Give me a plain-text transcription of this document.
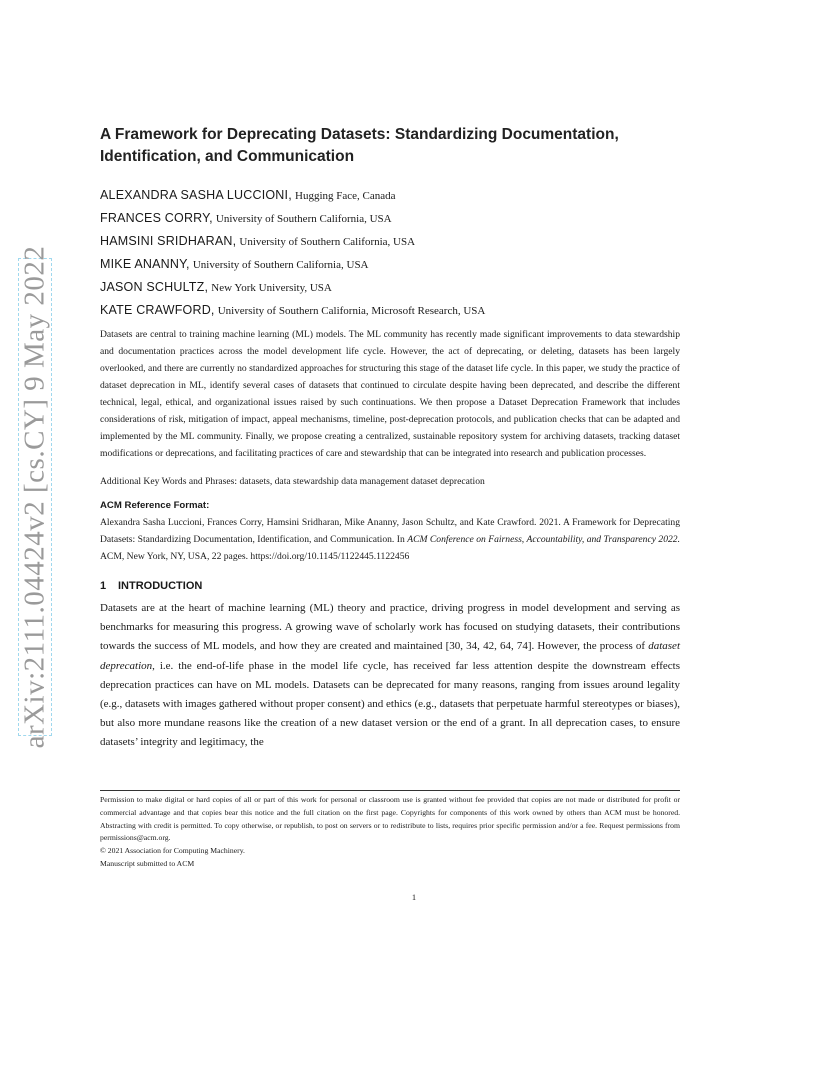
arXiv:2111.04424v2 [cs.CY] 9 May 2022
A Framework for Deprecating Datasets: Standardizing Documentation, Identification, and Communication
ALEXANDRA SASHA LUCCIONI, Hugging Face, Canada
FRANCES CORRY, University of Southern California, USA
HAMSINI SRIDHARAN, University of Southern California, USA
MIKE ANANNY, University of Southern California, USA
JASON SCHULTZ, New York University, USA
KATE CRAWFORD, University of Southern California, Microsoft Research, USA

Datasets are central to training machine learning (ML) models. The ML community has recently made significant improvements to data stewardship and documentation practices across the model development life cycle. However, the act of deprecating, or deleting, datasets has been largely overlooked, and there are currently no standardized approaches for structuring this stage of the dataset life cycle. In this paper, we study the practice of dataset deprecation in ML, identify several cases of datasets that continued to circulate despite having been deprecated, and describe the different technical, legal, ethical, and organizational issues raised by such continuations. We then propose a Dataset Deprecation Framework that includes considerations of risk, mitigation of impact, appeal mechanisms, timeline, post-deprecation protocols, and publication checks that can be adapted and implemented by the ML community. Finally, we propose creating a centralized, sustainable repository system for archiving datasets, tracking dataset modifications or deprecations, and facilitating practices of care and stewardship that can be integrated into research and publication processes.

Additional Key Words and Phrases: datasets, data stewardship data management dataset deprecation
ACM Reference Format:
Alexandra Sasha Luccioni, Frances Corry, Hamsini Sridharan, Mike Ananny, Jason Schultz, and Kate Crawford. 2021. A Framework for Deprecating Datasets: Standardizing Documentation, Identification, and Communication. In ACM Conference on Fairness, Accountability, and Transparency 2022. ACM, New York, NY, USA, 22 pages. https://doi.org/10.1145/1122445.1122456
1 INTRODUCTION

Datasets are at the heart of machine learning (ML) theory and practice, driving progress in model development and serving as benchmarks for measuring this progress. A growing wave of scholarly work has focused on studying datasets, their contributions towards the success of ML models, and how they are created and maintained [30, 34, 42, 64, 74]. However, the process of dataset deprecation, i.e. the end-of-life phase in the model life cycle, has received far less attention despite the downstream effects deprecation practices can have on ML models. Datasets can be deprecated for many reasons, ranging from issues around legality (e.g., datasets with images gathered without proper consent) and ethics (e.g., datasets that perpetuate harmful stereotypes or biases), but also more mundane reasons like the creation of a new dataset version or the end of a grant. In all deprecation cases, to ensure datasets’ integrity and legitimacy, the

Permission to make digital or hard copies of all or part of this work for personal or classroom use is granted without fee provided that copies are not made or distributed for profit or commercial advantage and that copies bear this notice and the full citation on the first page. Copyrights for components of this work owned by others than ACM must be honored. Abstracting with credit is permitted. To copy otherwise, or republish, to post on servers or to redistribute to lists, requires prior specific permission and/or a fee. Request permissions from permissions@acm.org.
© 2021 Association for Computing Machinery.
Manuscript submitted to ACM
1
